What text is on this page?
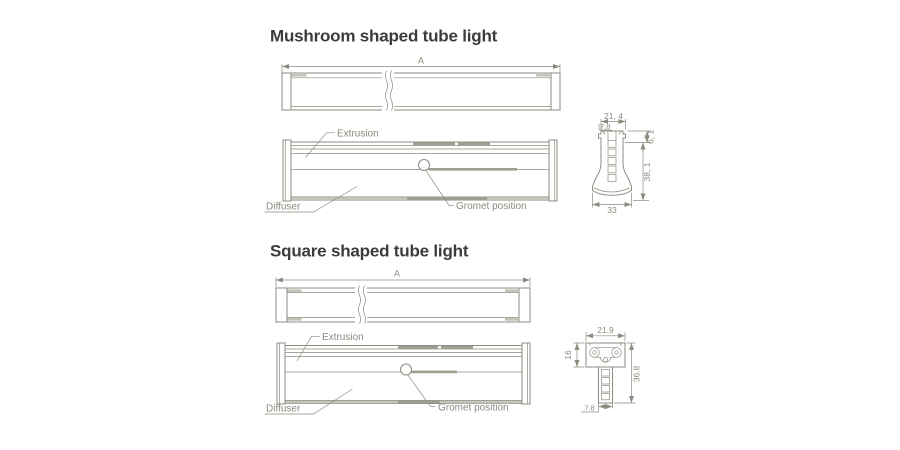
Mushroom shaped tube light
A
Extrusion
Diffuser	Gromet position
21, 4
7,8
6, 1
38, 1
33
Square shaped tube light
A
Extrusion
Diffuser	Gromet position
21.9
16
36.8
7.8
